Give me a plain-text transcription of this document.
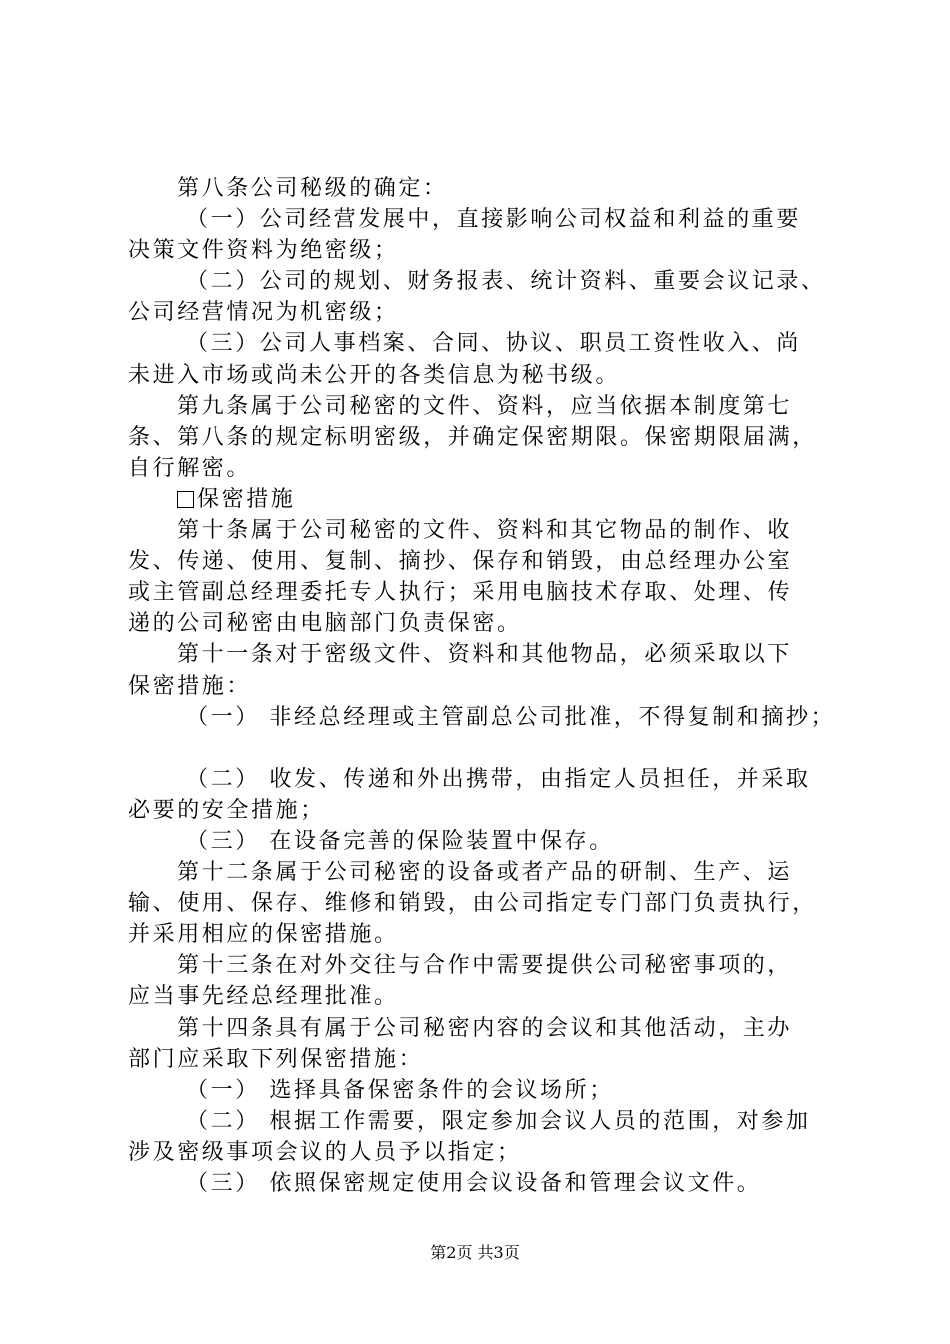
第八条公司秘级的确定：
（一）公司经营发展中，直接影响公司权益和利益的重要
决策文件资料为绝密级；
（二）公司的规划、财务报表、统计资料、重要会议记录、
公司经营情况为机密级；
（三）公司人事档案、合同、协议、职员工资性收入、尚
未进入市场或尚未公开的各类信息为秘书级。
第九条属于公司秘密的文件、资料，应当依据本制度第七
条、第八条的规定标明密级，并确定保密期限。保密期限届满，
自行解密。
保密措施
第十条属于公司秘密的文件、资料和其它物品的制作、收
发、传递、使用、复制、摘抄、保存和销毁，由总经理办公室
或主管副总经理委托专人执行；采用电脑技术存取、处理、传
递的公司秘密由电脑部门负责保密。
第十一条对于密级文件、资料和其他物品，必须采取以下
保密措施：
（一） 非经总经理或主管副总公司批准，不得复制和摘抄；
（二） 收发、传递和外出携带，由指定人员担任，并采取
必要的安全措施；
（三） 在设备完善的保险装置中保存。
第十二条属于公司秘密的设备或者产品的研制、生产、运
输、使用、保存、维修和销毁，由公司指定专门部门负责执行，
并采用相应的保密措施。
第十三条在对外交往与合作中需要提供公司秘密事项的，
应当事先经总经理批准。
第十四条具有属于公司秘密内容的会议和其他活动，主办
部门应采取下列保密措施：
（一） 选择具备保密条件的会议场所；
（二） 根据工作需要，限定参加会议人员的范围，对参加
涉及密级事项会议的人员予以指定；
（三） 依照保密规定使用会议设备和管理会议文件。
第2页 共3页
